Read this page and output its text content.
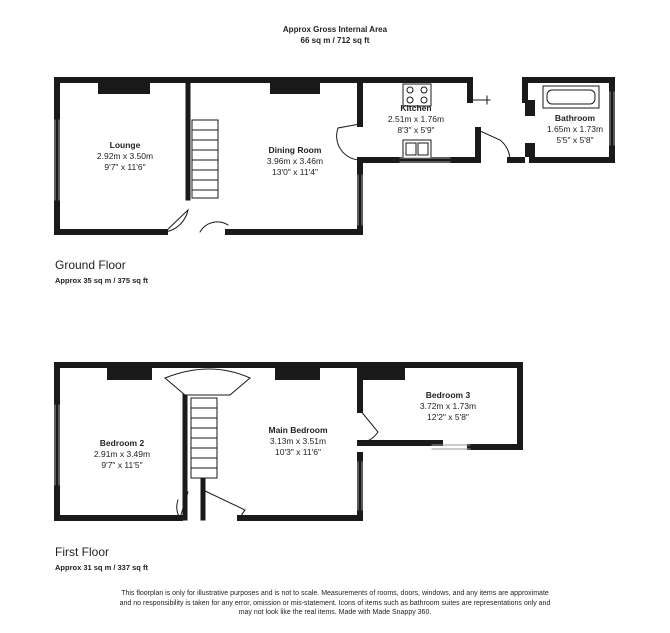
Approx Gross Internal Area
66 sq m / 712 sq ft
Lounge
2.92m x 3.50m
9'7" x 11'6"
Dining Room
3.96m x 3.46m
13'0" x 11'4"
Kitchen
2.51m x 1.76m
8'3" x 5'9"
Bathroom
1.65m x 1.73m
5'5" x 5'8"
Ground Floor
Approx 35 sq m / 375 sq ft
Bedroom 2
2.91m x 3.49m
9'7" x 11'5"
Main Bedroom
3.13m x 3.51m
10'3" x 11'6"
Bedroom 3
3.72m x 1.73m
12'2" x 5'8"
First Floor
Approx 31 sq m / 337 sq ft
This floorplan is only for illustrative purposes and is not to scale. Measurements of rooms, doors, windows, and any items are approximate
and no responsibility is taken for any error, omission or mis-statement. Icons of items such as bathroom suites are representations only and
may not look like the real items. Made with Made Snappy 360.
